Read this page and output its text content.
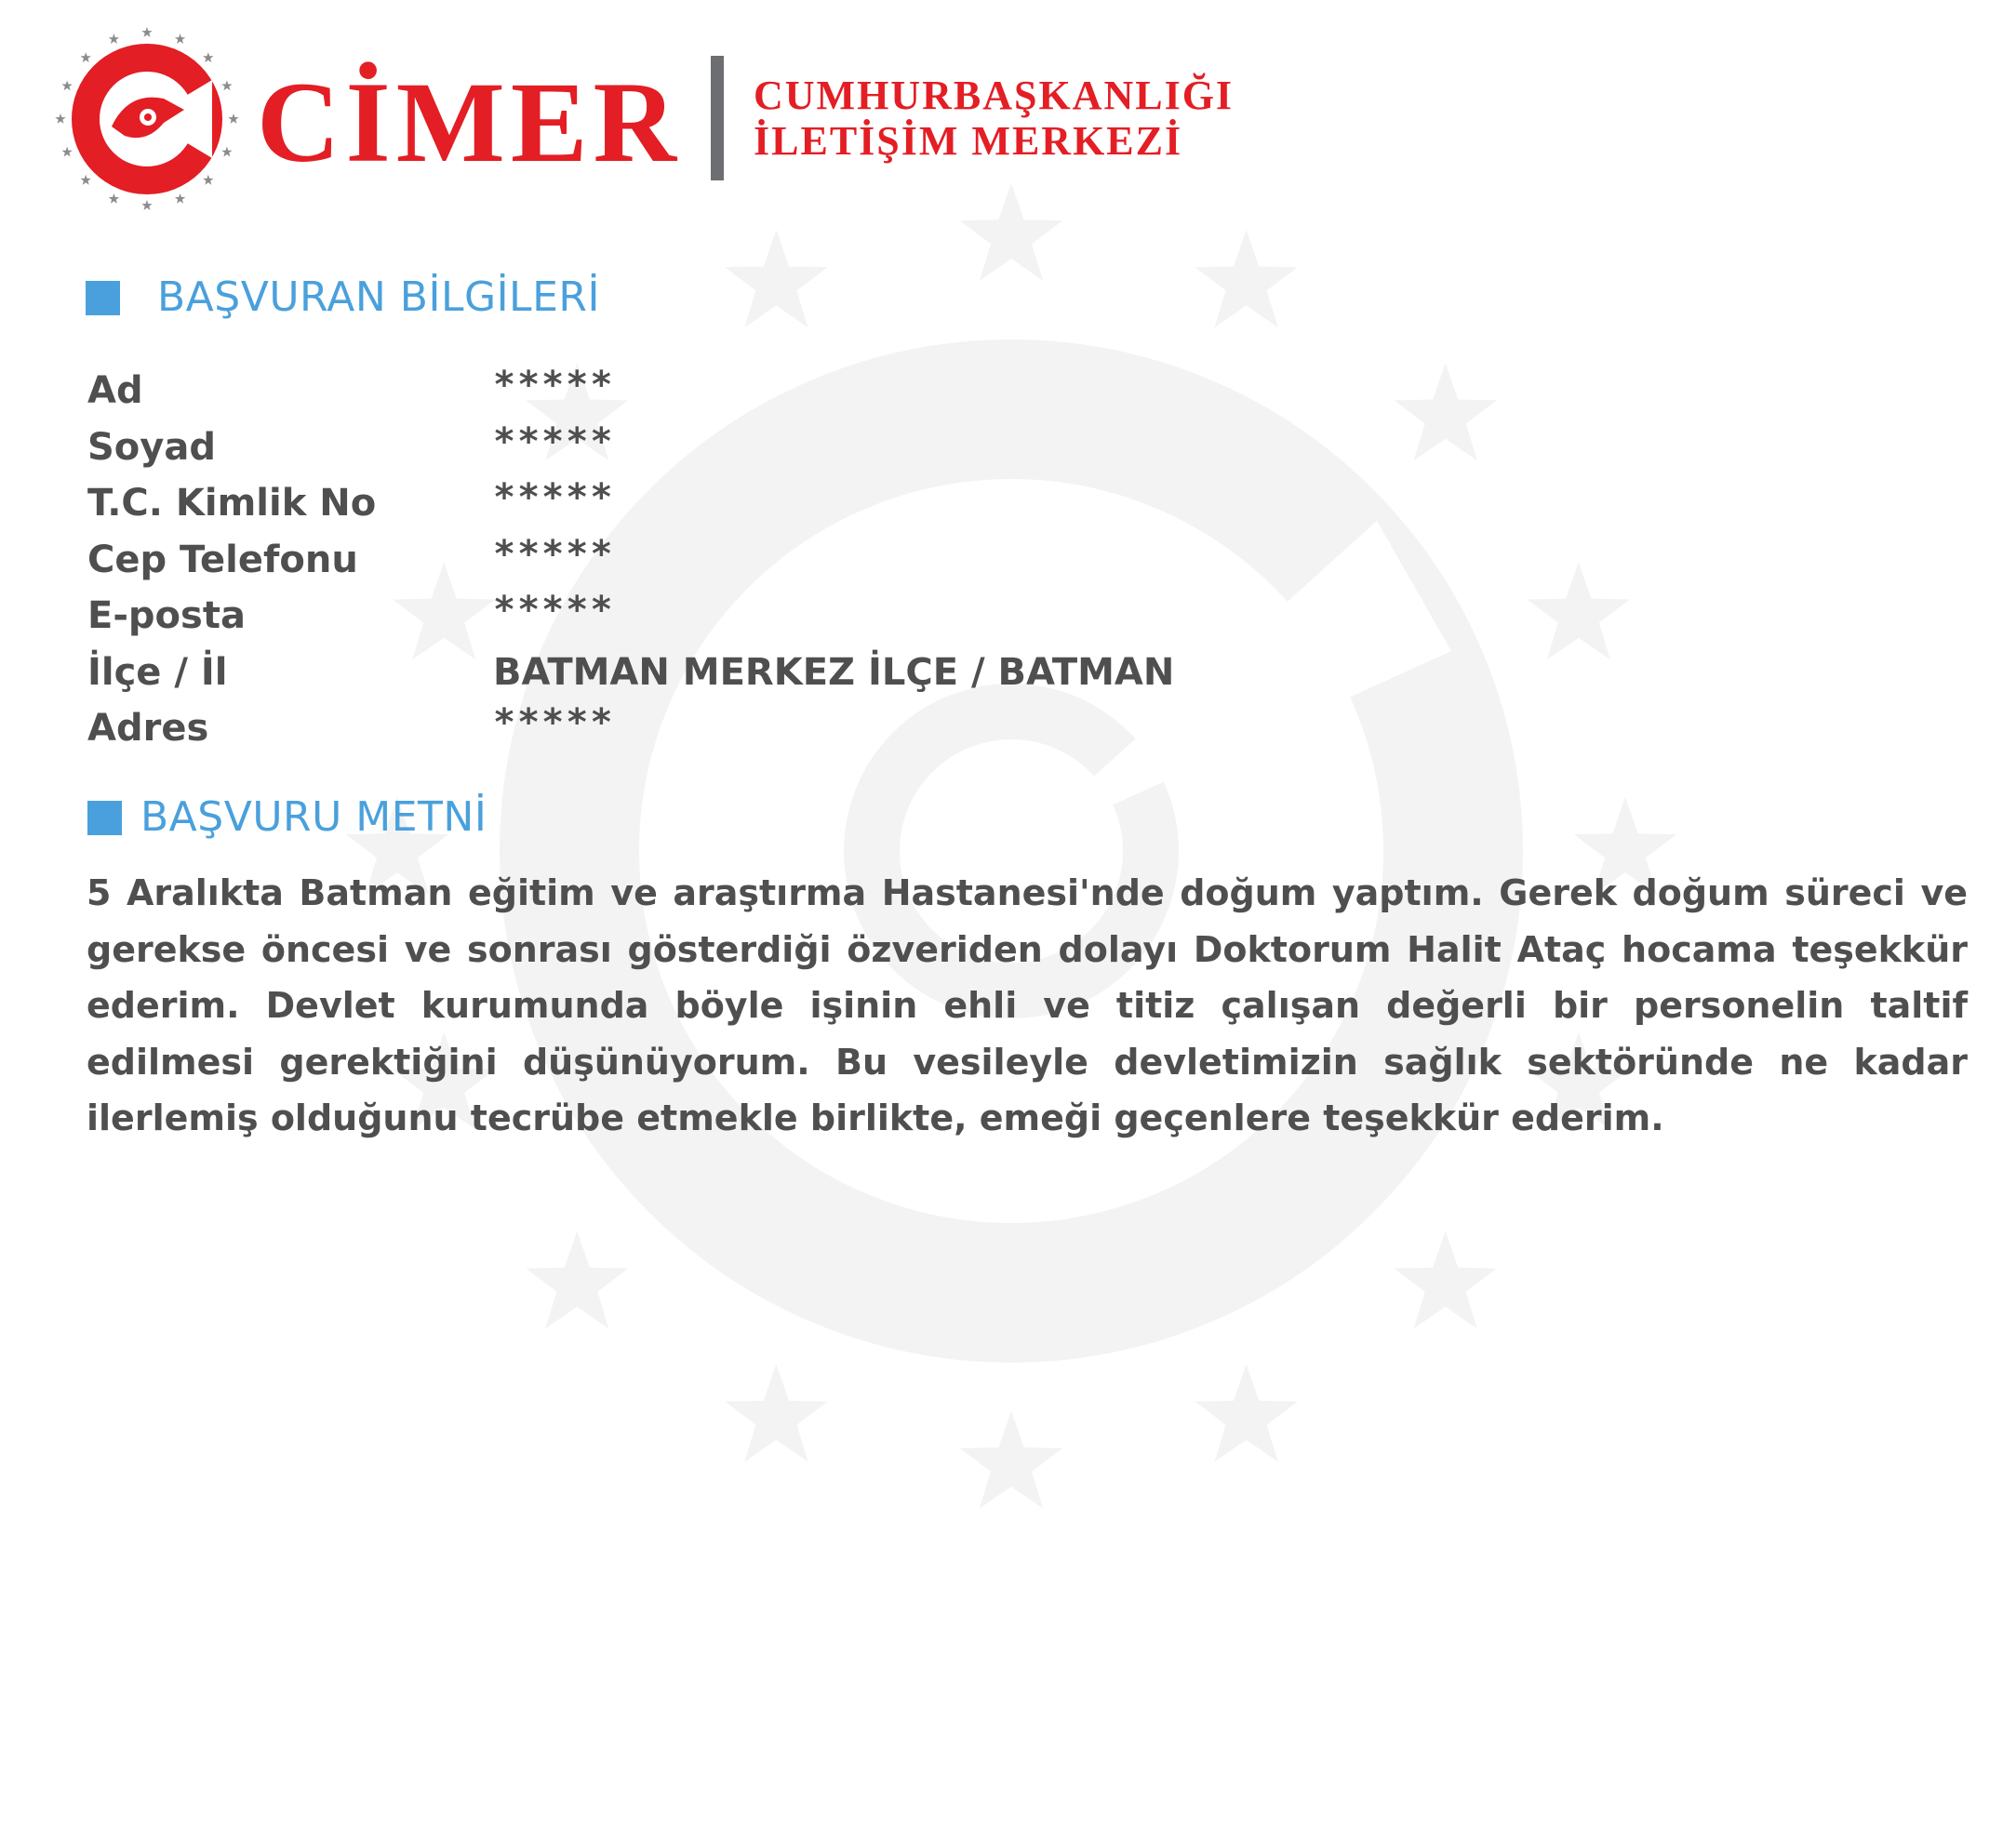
CİMER CUMHURBAŞKANLIĞI

İLETİŞİM MERKEZİ

BAŞVURAN BİLGİLERİ
Ad	*****
Soyad	*****
T.C. Kimlik No	*****
Cep Telefonu	*****
E-posta	*****
İlçe / İl	BATMAN MERKEZ İLÇE / BATMAN
Adres	*****
BAŞVURU METNİ

5 Aralıkta Batman eğitim ve araştırma Hastanesi'nde doğum yaptım. Gerek doğum süreci ve gerekse öncesi ve sonrası gösterdiği özveriden dolayı Doktorum Halit Ataç hocama teşekkür ederim. Devlet kurumunda böyle işinin ehli ve titiz çalışan değerli bir personelin taltif edilmesi gerektiğini düşünüyorum. Bu vesileyle devletimizin sağlık sektöründe ne kadar ilerlemiş olduğunu tecrübe etmekle birlikte, emeği geçenlere teşekkür ederim.
